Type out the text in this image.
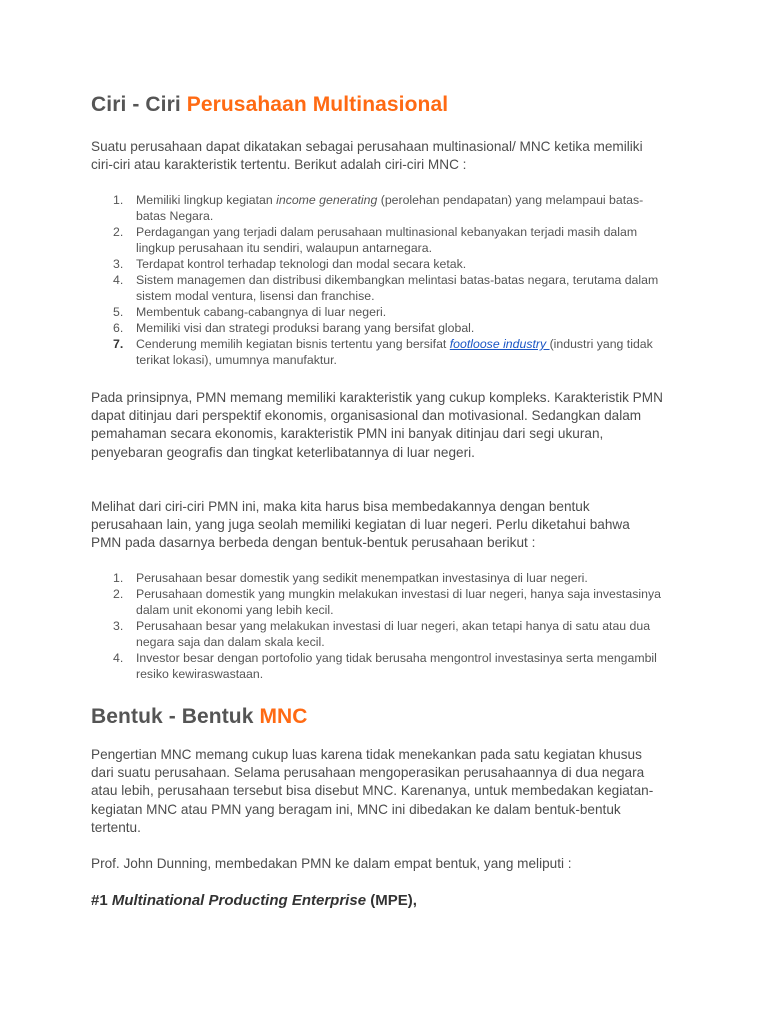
Ciri - Ciri Perusahaan Multinasional

Suatu perusahaan dapat dikatakan sebagai perusahaan multinasional/ MNC ketika memiliki ciri-ciri atau karakteristik tertentu. Berikut adalah ciri-ciri MNC :

1. Memiliki lingkup kegiatan income generating (perolehan pendapatan) yang melampaui batas- batas Negara.
2. Perdagangan yang terjadi dalam perusahaan multinasional kebanyakan terjadi masih dalam lingkup perusahaan itu sendiri, walaupun antarnegara.
3. Terdapat kontrol terhadap teknologi dan modal secara ketak.
4. Sistem managemen dan distribusi dikembangkan melintasi batas-batas negara, terutama dalam sistem modal ventura, lisensi dan franchise.
5. Membentuk cabang-cabangnya di luar negeri.
6. Memiliki visi dan strategi produksi barang yang bersifat global.
7. Cenderung memilih kegiatan bisnis tertentu yang bersifat footloose industry (industri yang tidak terikat lokasi), umumnya manufaktur.

Pada prinsipnya, PMN memang memiliki karakteristik yang cukup kompleks. Karakteristik PMN dapat ditinjau dari perspektif ekonomis, organisasional dan motivasional. Sedangkan dalam pemahaman secara ekonomis, karakteristik PMN ini banyak ditinjau dari segi ukuran, penyebaran geografis dan tingkat keterlibatannya di luar negeri.

Melihat dari ciri-ciri PMN ini, maka kita harus bisa membedakannya dengan bentuk perusahaan lain, yang juga seolah memiliki kegiatan di luar negeri. Perlu diketahui bahwa PMN pada dasarnya berbeda dengan bentuk-bentuk perusahaan berikut :

1. Perusahaan besar domestik yang sedikit menempatkan investasinya di luar negeri.
2. Perusahaan domestik yang mungkin melakukan investasi di luar negeri, hanya saja investasinya dalam unit ekonomi yang lebih kecil.
3. Perusahaan besar yang melakukan investasi di luar negeri, akan tetapi hanya di satu atau dua negara saja dan dalam skala kecil.
4. Investor besar dengan portofolio yang tidak berusaha mengontrol investasinya serta mengambil resiko kewiraswastaan.
Bentuk - Bentuk MNC

Pengertian MNC memang cukup luas karena tidak menekankan pada satu kegiatan khusus dari suatu perusahaan. Selama perusahaan mengoperasikan perusahaannya di dua negara atau lebih, perusahaan tersebut bisa disebut MNC. Karenanya, untuk membedakan kegiatan-kegiatan MNC atau PMN yang beragam ini, MNC ini dibedakan ke dalam bentuk-bentuk tertentu.

Prof. John Dunning, membedakan PMN ke dalam empat bentuk, yang meliputi :

#1 Multinational Producting Enterprise (MPE),
